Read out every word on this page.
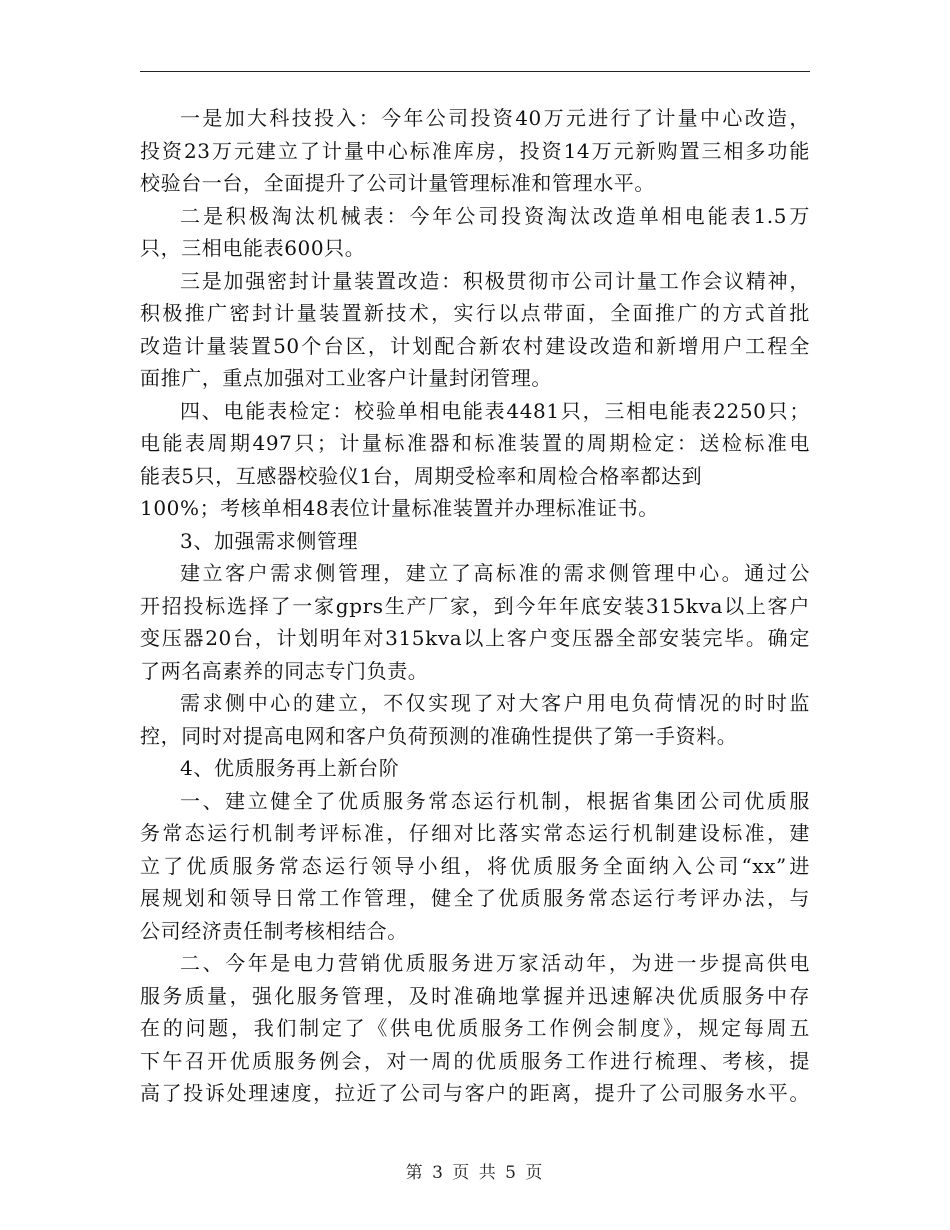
一是加大科技投入：今年公司投资40万元进行了计量中心改造，
投资23万元建立了计量中心标准库房，投资14万元新购置三相多功能
校验台一台，全面提升了公司计量管理标准和管理水平。
二是积极淘汰机械表：今年公司投资淘汰改造单相电能表1.5万
只，三相电能表600只。
三是加强密封计量装置改造：积极贯彻市公司计量工作会议精神，
积极推广密封计量装置新技术，实行以点带面，全面推广的方式首批
改造计量装置50个台区，计划配合新农村建设改造和新增用户工程全
面推广，重点加强对工业客户计量封闭管理。
四、电能表检定：校验单相电能表4481只，三相电能表2250只；
电能表周期497只；计量标准器和标准装置的周期检定：送检标准电
能表5只，互感器校验仪1台，周期受检率和周检合格率都达到
100%；考核单相48表位计量标准装置并办理标准证书。
3、加强需求侧管理
建立客户需求侧管理，建立了高标准的需求侧管理中心。通过公
开招投标选择了一家gprs生产厂家，到今年年底安装315kva以上客户
变压器20台，计划明年对315kva以上客户变压器全部安装完毕。确定
了两名高素养的同志专门负责。
需求侧中心的建立，不仅实现了对大客户用电负荷情况的时时监
控，同时对提高电网和客户负荷预测的准确性提供了第一手资料。
4、优质服务再上新台阶
一、建立健全了优质服务常态运行机制，根据省集团公司优质服
务常态运行机制考评标准，仔细对比落实常态运行机制建设标准，建
立了优质服务常态运行领导小组，将优质服务全面纳入公司“xx”进
展规划和领导日常工作管理，健全了优质服务常态运行考评办法，与
公司经济责任制考核相结合。
二、今年是电力营销优质服务进万家活动年，为进一步提高供电
服务质量，强化服务管理，及时准确地掌握并迅速解决优质服务中存
在的问题，我们制定了《供电优质服务工作例会制度》，规定每周五
下午召开优质服务例会，对一周的优质服务工作进行梳理、考核，提
高了投诉处理速度，拉近了公司与客户的距离，提升了公司服务水平。
第 3 页 共 5 页
